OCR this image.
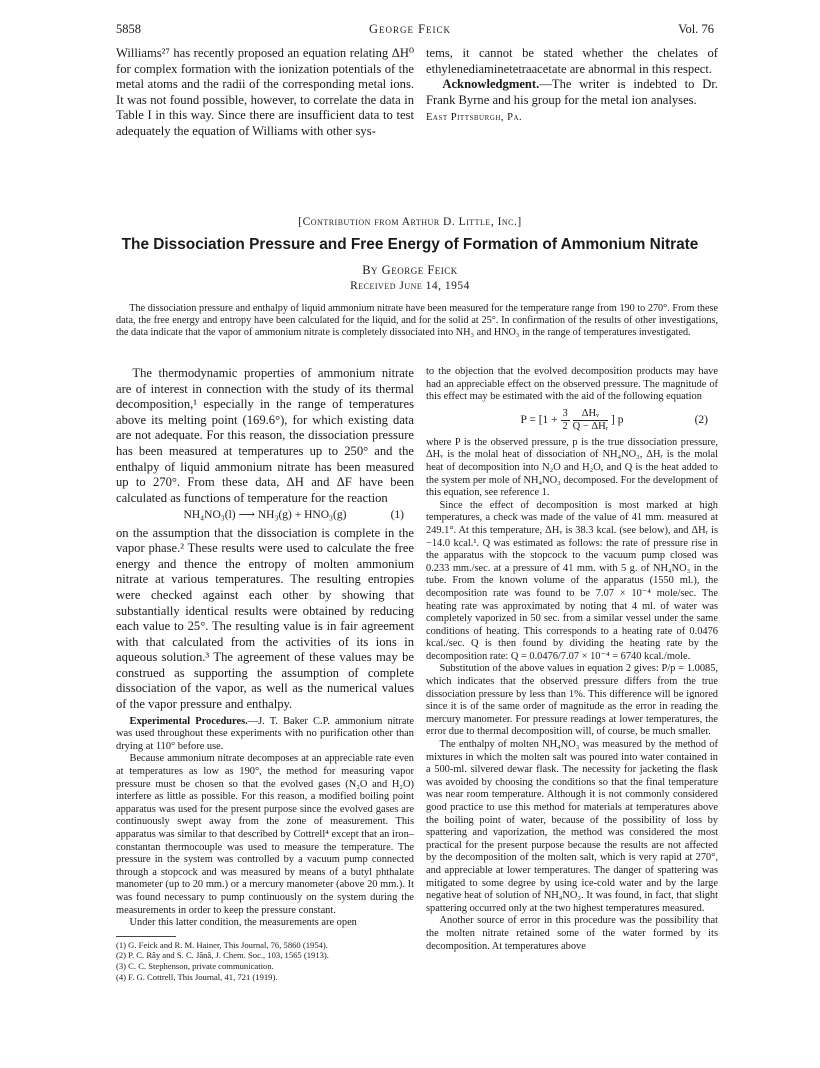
5858	George Feick	Vol. 76

Williams²⁷ has recently proposed an equation relating ΔH⁰ for complex formation with the ionization potentials of the metal atoms and the radii of the corresponding metal ions. It was not found possible, however, to correlate the data in Table I in this way. Since there are insufficient data to test adequately the equation of Williams with other sys-

tems, it cannot be stated whether the chelates of ethylenediaminetetraacetate are abnormal in this respect.

Acknowledgment.—The writer is indebted to Dr. Frank Byrne and his group for the metal ion analyses.

East Pittsburgh, Pa.

[Contribution from Arthur D. Little, Inc.]
The Dissociation Pressure and Free Energy of Formation of Ammonium Nitrate
By George Feick
Received June 14, 1954

The dissociation pressure and enthalpy of liquid ammonium nitrate have been measured for the temperature range from 190 to 270°. From these data, the free energy and entropy have been calculated for the liquid, and for the solid at 25°. In confirmation of the results of other investigations, the data indicate that the vapor of ammonium nitrate is completely dissociated into NH₃ and HNO₃ in the range of temperatures investigated.

The thermodynamic properties of ammonium nitrate are of interest in connection with the study of its thermal decomposition,¹ especially in the range of temperatures above its melting point (169.6°), for which existing data are not adequate. For this reason, the dissociation pressure has been measured at temperatures up to 250° and the enthalpy of liquid ammonium nitrate has been measured up to 270°. From these data, ΔH and ΔF have been calculated as functions of temperature for the reaction

NH₄NO₃(l) ⟶ NH₃(g) + HNO₃(g)	(1)

on the assumption that the dissociation is complete in the vapor phase.² These results were used to calculate the free energy and thence the entropy of molten ammonium nitrate at various temperatures. The resulting entropies were checked against each other by showing that substantially identical results were obtained by reducing each value to 25°. The resulting value is in fair agreement with that calculated from the activities of its ions in aqueous solution.³ The agreement of these values may be construed as supporting the assumption of complete dissociation of the vapor, as well as the numerical values of the vapor pressure and enthalpy.

Experimental Procedures.—J. T. Baker C.P. ammonium nitrate was used throughout these experiments with no purification other than drying at 110° before use.

Because ammonium nitrate decomposes at an appreciable rate even at temperatures as low as 190°, the method for measuring vapor pressure must be chosen so that the evolved gases (N₂O and H₂O) interfere as little as possible. For this reason, a modified boiling point apparatus was used for the present purpose since the evolved gases are continuously swept away from the zone of measurement. This apparatus was similar to that described by Cottrell⁴ except that an iron–constantan thermocouple was used to measure the temperature. The pressure in the system was controlled by a vacuum pump connected through a stopcock and was measured by means of a butyl phthalate manometer (up to 20 mm.) or a mercury manometer (above 20 mm.). It was found necessary to pump continuously on the system during the measurements in order to keep the pressure constant.

Under this latter condition, the measurements are open

(1) G. Feick and R. M. Hainer, This Journal, 76, 5860 (1954).
(2) P. C. Rây and S. C. Jânâ, J. Chem. Soc., 103, 1565 (1913).
(3) C. C. Stephenson, private communication.
(4) F. G. Cottrell, This Journal, 41, 721 (1919).

to the objection that the evolved decomposition products may have had an appreciable effect on the observed pressure. The magnitude of this effect may be estimated with the aid of the following equation

$P = [1 + \frac{3}{2}$
$\frac{\text{ΔHᵥ}}{\text{Q − ΔHᵣ}}$ ] p	(2)

where P is the observed pressure, p is the true dissociation pressure, ΔHᵥ is the molal heat of dissociation of NH₄NO₃, ΔHᵣ is the molal heat of decomposition into N₂O and H₂O, and Q is the heat added to the system per mole of NH₄NO₃ decomposed. For the development of this equation, see reference 1.

Since the effect of decomposition is most marked at high temperatures, a check was made of the value of 41 mm. measured at 249.1°. At this temperature, ΔHᵥ is 38.3 kcal. (see below), and ΔHᵣ is −14.0 kcal.¹. Q was estimated as follows: the rate of pressure rise in the apparatus with the stopcock to the vacuum pump closed was 0.233 mm./sec. at a pressure of 41 mm. with 5 g. of NH₄NO₃ in the tube. From the known volume of the apparatus (1550 ml.), the decomposition rate was found to be 7.07 × 10⁻⁴ mole/sec. The heating rate was approximated by noting that 4 ml. of water was completely vaporized in 50 sec. from a similar vessel under the same conditions of heating. This corresponds to a heating rate of 0.0476 kcal./sec. Q is then found by dividing the heating rate by the decomposition rate: Q = 0.0476/7.07 × 10⁻⁴ = 6740 kcal./mole.

Substitution of the above values in equation 2 gives: P/p = 1.0085, which indicates that the observed pressure differs from the true dissociation pressure by less than 1%. This difference will be ignored since it is of the same order of magnitude as the error in reading the mercury manometer. For pressure readings at lower temperatures, the error due to thermal decomposition will, of course, be much smaller.

The enthalpy of molten NH₄NO₃ was measured by the method of mixtures in which the molten salt was poured into water contained in a 500-ml. silvered dewar flask. The necessity for jacketing the flask was avoided by choosing the conditions so that the final temperature was near room temperature. Although it is not commonly considered good practice to use this method for materials at temperatures above the boiling point of water, because of the possibility of loss by spattering and vaporization, the method was considered the most practical for the present purpose because the results are not affected by the decomposition of the molten salt, which is very rapid at 270°, and appreciable at lower temperatures. The danger of spattering was mitigated to some degree by using ice-cold water and by the large negative heat of solution of NH₄NO₃. It was found, in fact, that slight spattering occurred only at the two highest temperatures measured.

Another source of error in this procedure was the possibility that the molten nitrate retained some of the water formed by its decomposition. At temperatures above
